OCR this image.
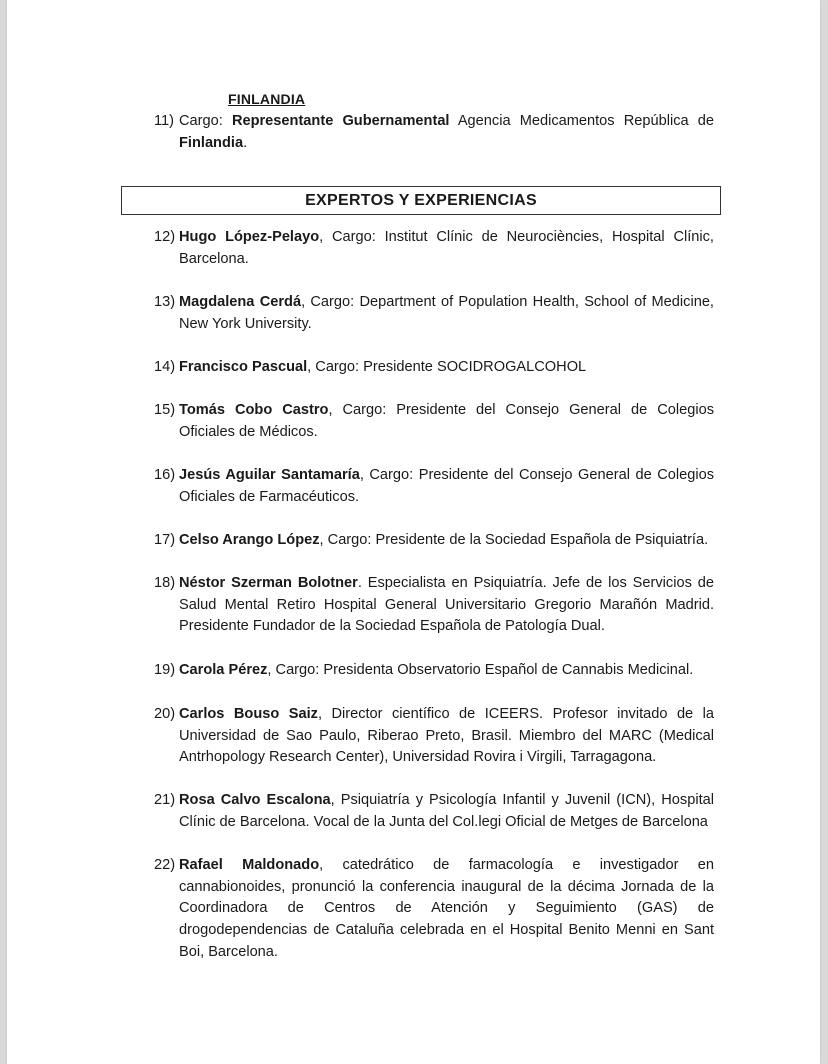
FINLANDIA
11) Cargo: Representante Gubernamental Agencia Medicamentos República de Finlandia.
EXPERTOS Y EXPERIENCIAS
12) Hugo López-Pelayo, Cargo: Institut Clínic de Neurociències, Hospital Clínic, Barcelona.
13) Magdalena Cerdá, Cargo: Department of Population Health, School of Medicine, New York University.
14) Francisco Pascual, Cargo: Presidente SOCIDROGALCOHOL
15) Tomás Cobo Castro, Cargo: Presidente del Consejo General de Colegios Oficiales de Médicos.
16) Jesús Aguilar Santamaría, Cargo: Presidente del Consejo General de Colegios Oficiales de Farmacéuticos.
17) Celso Arango López, Cargo: Presidente de la Sociedad Española de Psiquiatría.
18) Néstor Szerman Bolotner. Especialista en Psiquiatría. Jefe de los Servicios de Salud Mental Retiro Hospital General Universitario Gregorio Marañón Madrid. Presidente Fundador de la Sociedad Española de Patología Dual.
19) Carola Pérez, Cargo: Presidenta Observatorio Español de Cannabis Medicinal.
20) Carlos Bouso Saiz, Director científico de ICEERS. Profesor invitado de la Universidad de Sao Paulo, Riberao Preto, Brasil. Miembro del MARC (Medical Antrhopology Research Center), Universidad Rovira i Virgili, Tarragagona.
21) Rosa Calvo Escalona, Psiquiatría y Psicología Infantil y Juvenil (ICN), Hospital Clínic de Barcelona. Vocal de la Junta del Col.legi Oficial de Metges de Barcelona
22) Rafael Maldonado, catedrático de farmacología e investigador en cannabionoides, pronunció la conferencia inaugural de la décima Jornada de la Coordinadora de Centros de Atención y Seguimiento (GAS) de drogodependencias de Cataluña celebrada en el Hospital Benito Menni en Sant Boi, Barcelona.
